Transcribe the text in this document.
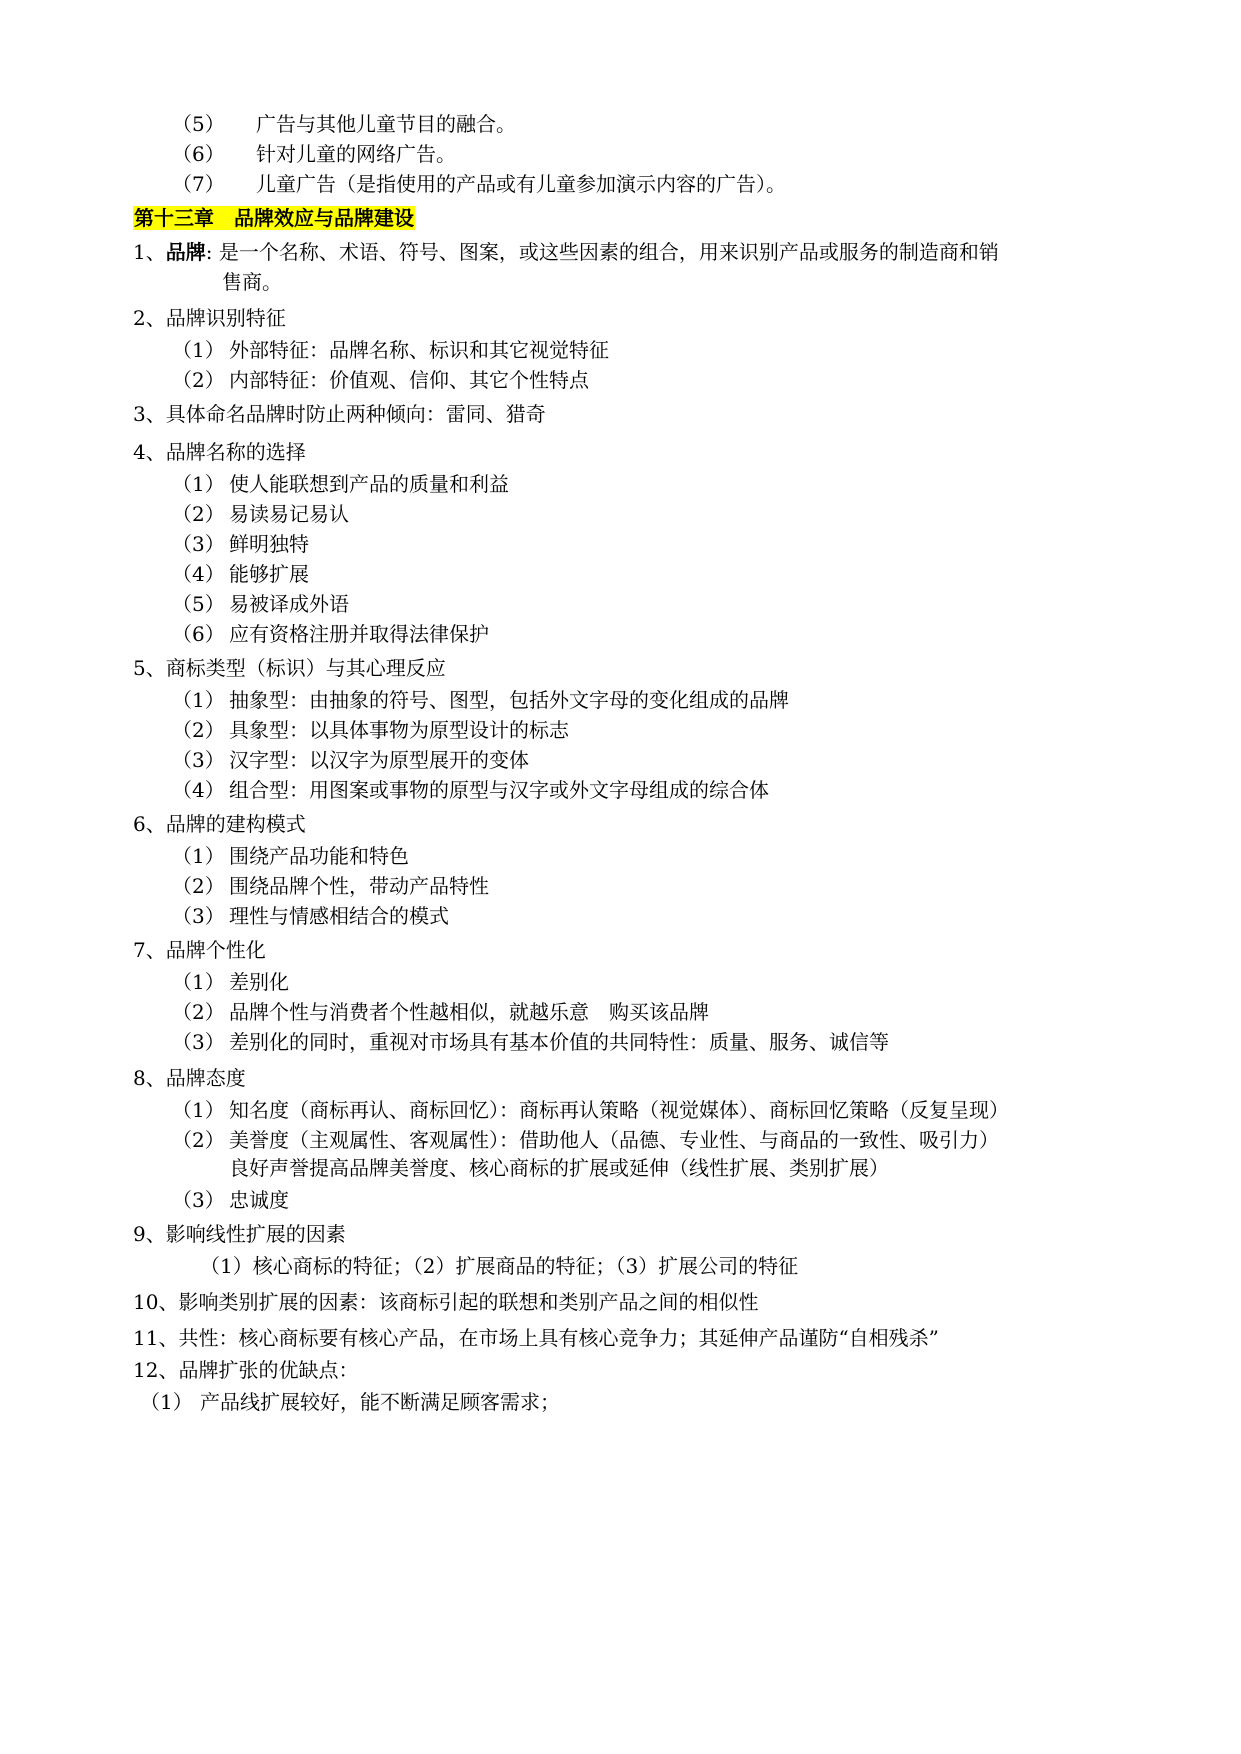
（5） 广告与其他儿童节目的融合。
（6） 针对儿童的网络广告。
（7） 儿童广告（是指使用的产品或有儿童参加演示内容的广告）。
第十三章　品牌效应与品牌建设
1、品牌: 是一个名称、术语、符号、图案，或这些因素的组合，用来识别产品或服务的制造商和销
售商。
2、品牌识别特征
（1） 外部特征：品牌名称、标识和其它视觉特征
（2） 内部特征：价值观、信仰、其它个性特点
3、具体命名品牌时防止两种倾向：雷同、猎奇
4、品牌名称的选择
（1） 使人能联想到产品的质量和利益
（2） 易读易记易认
（3） 鲜明独特
（4） 能够扩展
（5） 易被译成外语
（6） 应有资格注册并取得法律保护
5、商标类型（标识）与其心理反应
（1） 抽象型：由抽象的符号、图型，包括外文字母的变化组成的品牌
（2） 具象型：以具体事物为原型设计的标志
（3） 汉字型：以汉字为原型展开的变体
（4） 组合型：用图案或事物的原型与汉字或外文字母组成的综合体
6、品牌的建构模式
（1） 围绕产品功能和特色
（2） 围绕品牌个性，带动产品特性
（3） 理性与情感相结合的模式
7、品牌个性化
（1） 差别化
（2） 品牌个性与消费者个性越相似，就越乐意　购买该品牌
（3） 差别化的同时，重视对市场具有基本价值的共同特性：质量、服务、诚信等
8、品牌态度
（1） 知名度（商标再认、商标回忆）：商标再认策略（视觉媒体）、商标回忆策略（反复呈现）
（2） 美誉度（主观属性、客观属性）：借助他人（品德、专业性、与商品的一致性、吸引力）
良好声誉提高品牌美誉度、核心商标的扩展或延伸（线性扩展、类别扩展）
（3） 忠诚度
9、影响线性扩展的因素
（1）核心商标的特征；（2）扩展商品的特征；（3）扩展公司的特征
10、影响类别扩展的因素：该商标引起的联想和类别产品之间的相似性
11、共性：核心商标要有核心产品，在市场上具有核心竞争力；其延伸产品谨防“自相残杀”
12、品牌扩张的优缺点：
（1） 产品线扩展较好，能不断满足顾客需求；
